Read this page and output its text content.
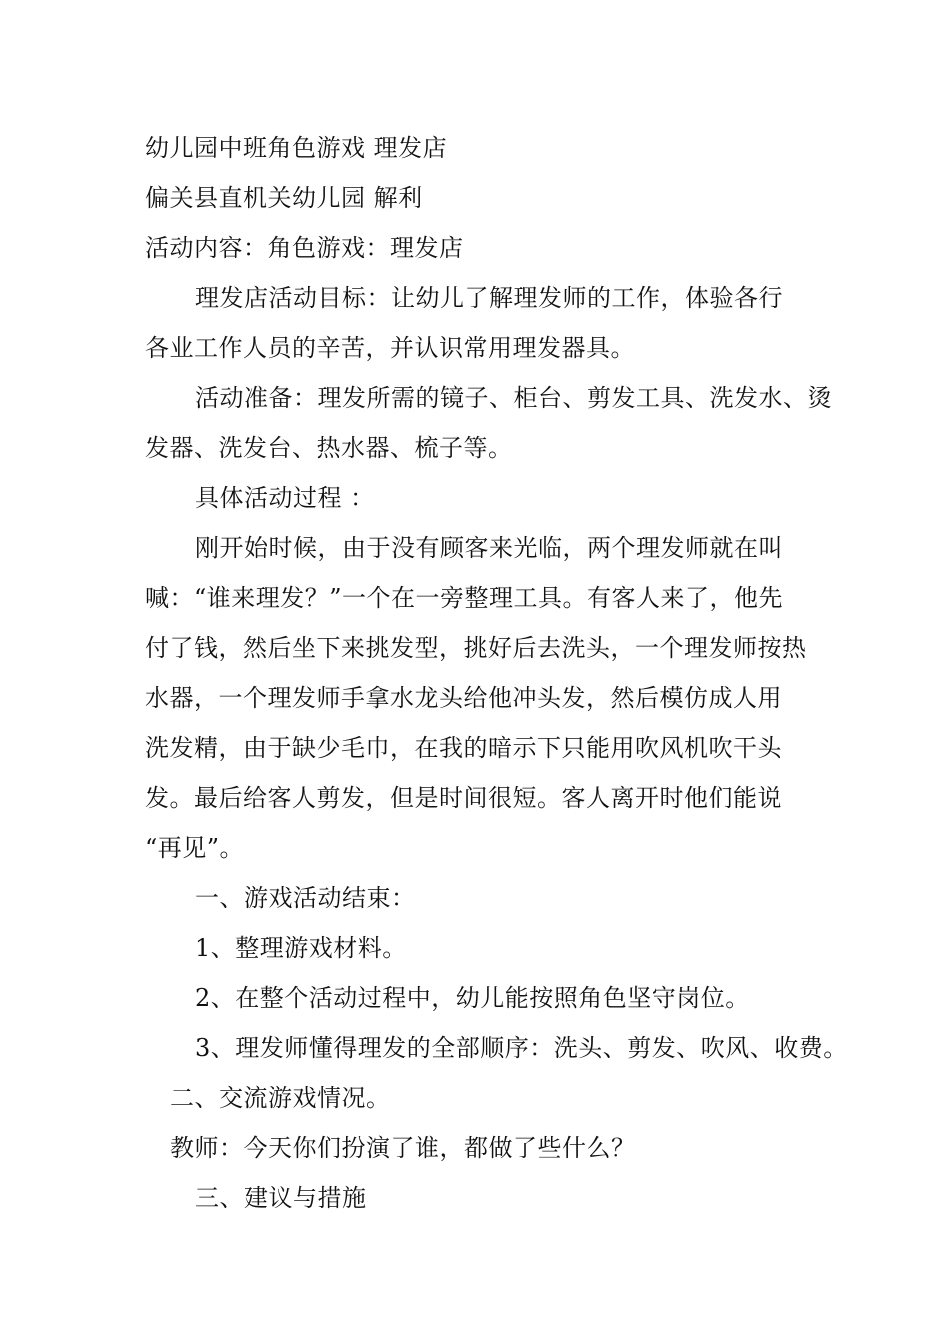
幼儿园中班角色游戏 理发店
偏关县直机关幼儿园 解利
活动内容：角色游戏：理发店
理发店活动目标：让幼儿了解理发师的工作，体验各行
各业工作人员的辛苦，并认识常用理发器具。
活动准备：理发所需的镜子、柜台、剪发工具、洗发水、烫
发器、洗发台、热水器、梳子等。
具体活动过程 ：
刚开始时候，由于没有顾客来光临，两个理发师就在叫
喊：“谁来理发？”一个在一旁整理工具。有客人来了，他先
付了钱，然后坐下来挑发型，挑好后去洗头，一个理发师按热
水器，一个理发师手拿水龙头给他冲头发，然后模仿成人用
洗发精，由于缺少毛巾，在我的暗示下只能用吹风机吹干头
发。最后给客人剪发，但是时间很短。客人离开时他们能说
“再见”。
一、游戏活动结束：
1、整理游戏材料。
2、在整个活动过程中，幼儿能按照角色坚守岗位。
3、理发师懂得理发的全部顺序：洗头、剪发、吹风、收费。
二、交流游戏情况。
教师：今天你们扮演了谁，都做了些什么？
三、建议与措施
